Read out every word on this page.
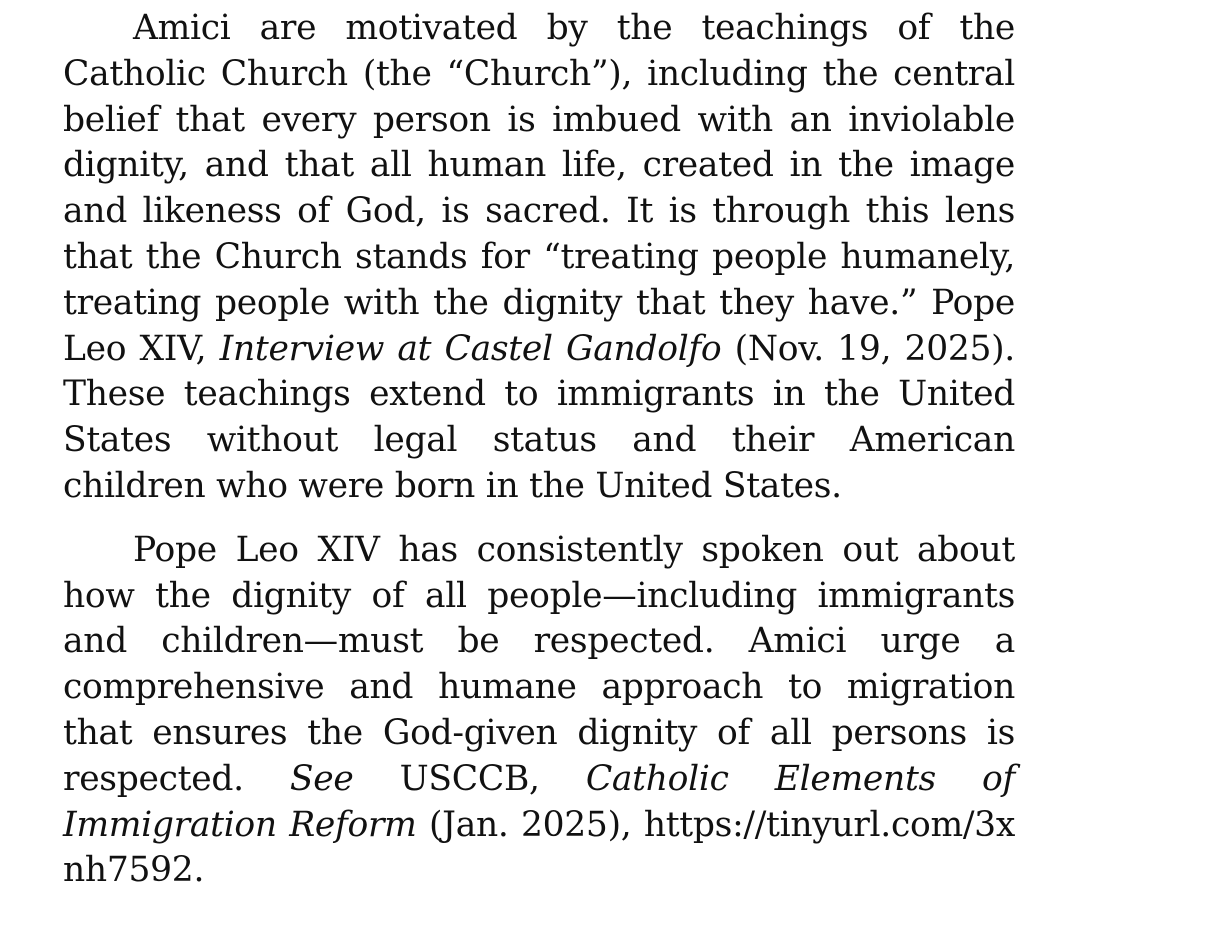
Amici are motivated by the teachings of the Catholic Church (the “Church”), including the central belief that every person is imbued with an inviolable dignity, and that all human life, created in the image and likeness of God, is sacred. It is through this lens that the Church stands for “treating people humanely, treating people with the dignity that they have.” Pope Leo XIV, Interview at Castel Gandolfo (Nov. 19, 2025). These teachings extend to immigrants in the United States without legal status and their American children who were born in the United States.

Pope Leo XIV has consistently spoken out about how the dignity of all people—including immigrants and children—must be respected. Amici urge a comprehensive and humane approach to migration that ensures the God-given dignity of all persons is respected. See USCCB, Catholic Elements of Immigration Reform (Jan. 2025), https://tinyurl.com/3xnh7592.
